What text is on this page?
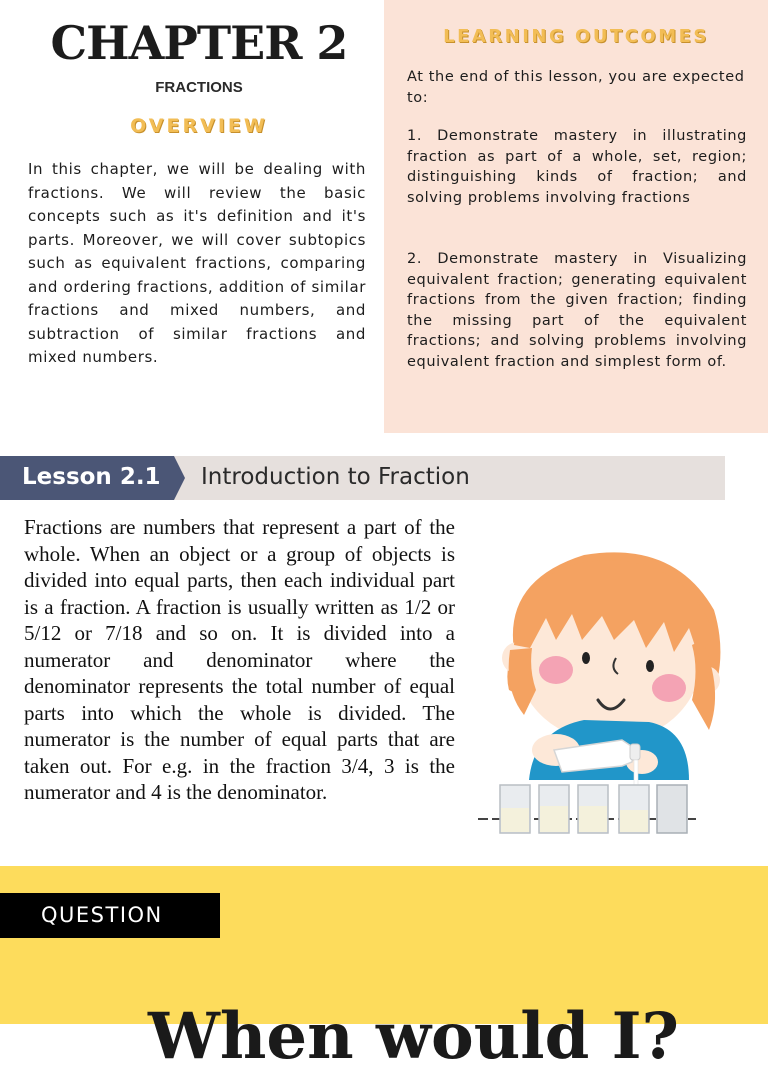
CHAPTER 2
FRACTIONS
OVERVIEW
In this chapter, we will be dealing with fractions. We will review the basic concepts such as it's definition and it's parts. Moreover, we will cover subtopics such as equivalent fractions, comparing and ordering fractions, addition of similar fractions and mixed numbers, and subtraction of similar fractions and mixed numbers.
LEARNING OUTCOMES
At the end of this lesson, you are expected to:
1. Demonstrate mastery in illustrating fraction as part of a whole, set, region; distinguishing kinds of fraction; and solving problems involving fractions
2. Demonstrate mastery in Visualizing equivalent fraction; generating equivalent fractions from the given fraction; finding the missing part of the equivalent fractions; and solving problems involving equivalent fraction and simplest form of.
Lesson 2.1 Introduction to Fraction
Fractions are numbers that represent a part of the whole. When an object or a group of objects is divided into equal parts, then each individual part is a fraction. A fraction is usually written as 1/2 or 5/12 or 7/18 and so on. It is divided into a numerator and denominator where the denominator represents the total number of equal parts into which the whole is divided. The numerator is the number of equal parts that are taken out. For e.g. in the fraction 3/4, 3 is the numerator and 4 is the denominator.
QUESTION
When would I?
